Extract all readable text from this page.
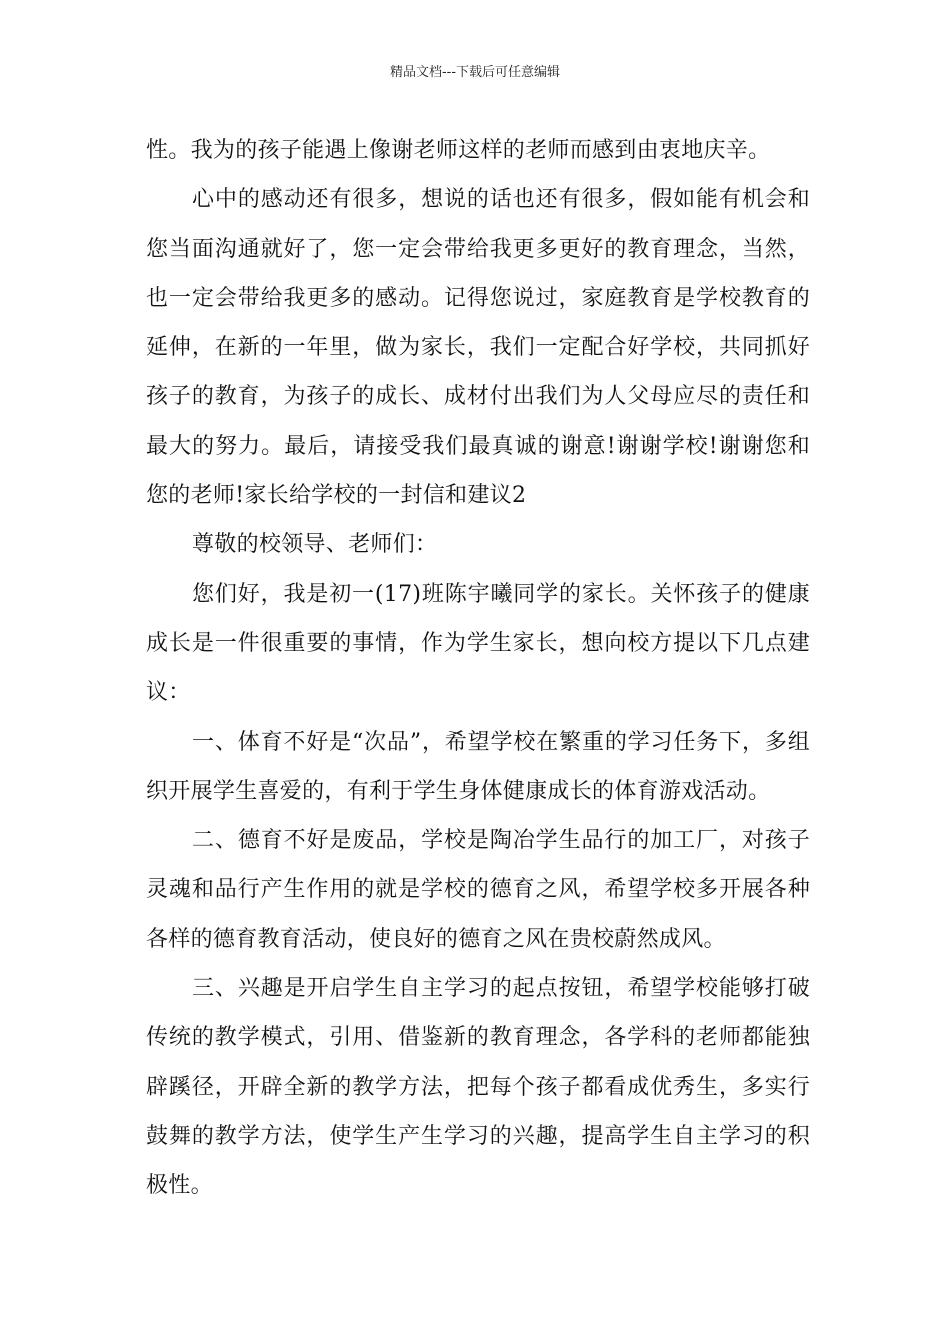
精品文档---下载后可任意编辑

性。我为的孩子能遇上像谢老师这样的老师而感到由衷地庆辛。

心中的感动还有很多，想说的话也还有很多，假如能有机会和您当面沟通就好了，您一定会带给我更多更好的教育理念，当然，也一定会带给我更多的感动。记得您说过，家庭教育是学校教育的延伸，在新的一年里，做为家长，我们一定配合好学校，共同抓好孩子的教育，为孩子的成长、成材付出我们为人父母应尽的责任和最大的努力。最后，请接受我们最真诚的谢意!谢谢学校!谢谢您和您的老师!家长给学校的一封信和建议2

尊敬的校领导、老师们：

您们好，我是初一(17)班陈宇曦同学的家长。关怀孩子的健康成长是一件很重要的事情，作为学生家长，想向校方提以下几点建议：

一、体育不好是“次品”，希望学校在繁重的学习任务下，多组织开展学生喜爱的，有利于学生身体健康成长的体育游戏活动。

二、德育不好是废品，学校是陶冶学生品行的加工厂，对孩子灵魂和品行产生作用的就是学校的德育之风，希望学校多开展各种各样的德育教育活动，使良好的德育之风在贵校蔚然成风。

三、兴趣是开启学生自主学习的起点按钮，希望学校能够打破传统的教学模式，引用、借鉴新的教育理念，各学科的老师都能独辟蹊径，开辟全新的教学方法，把每个孩子都看成优秀生，多实行鼓舞的教学方法，使学生产生学习的兴趣，提高学生自主学习的积极性。
